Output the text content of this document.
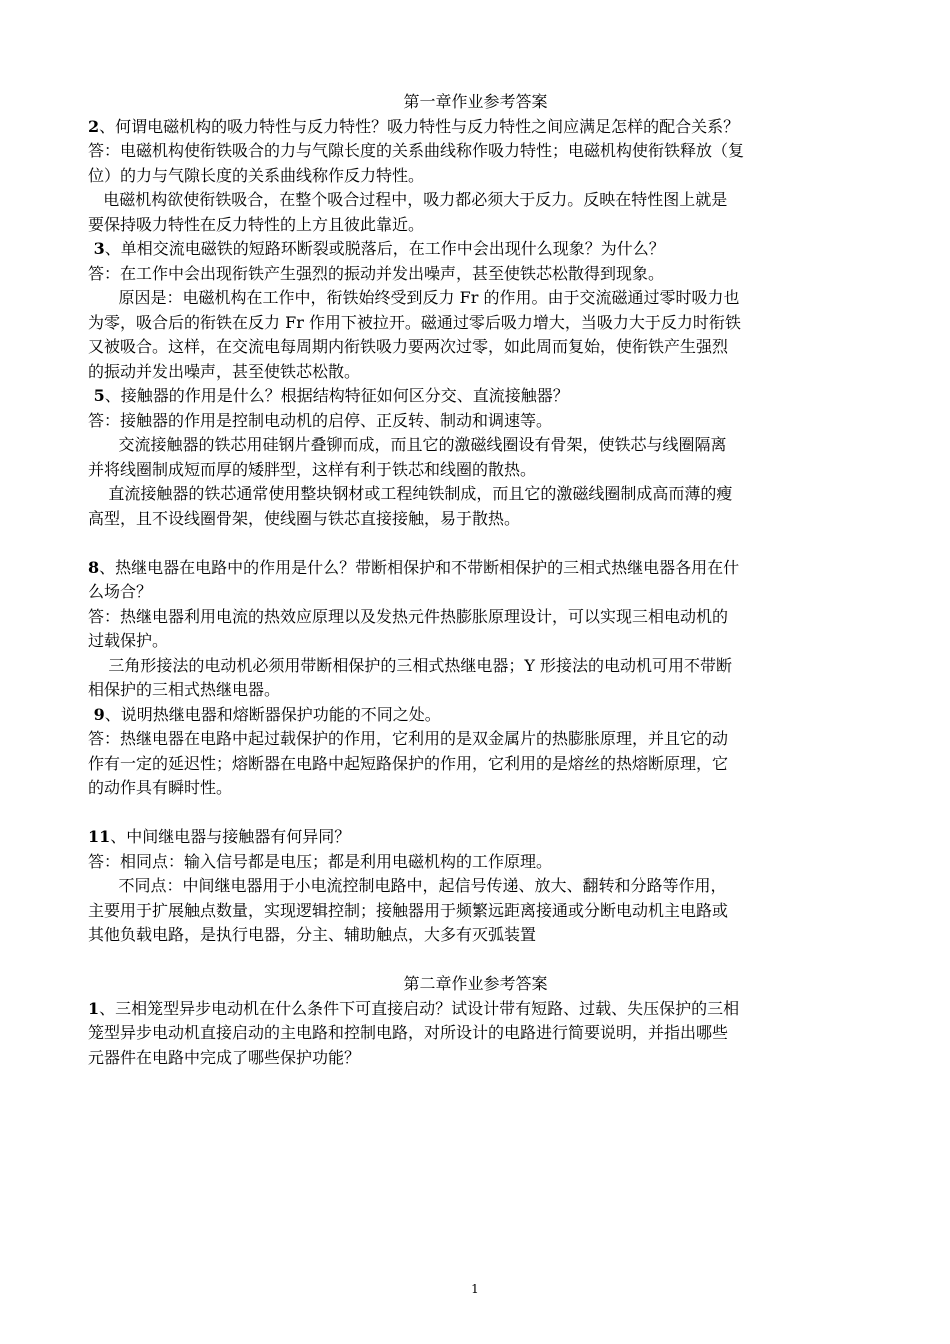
第一章作业参考答案

2、何谓电磁机构的吸力特性与反力特性？吸力特性与反力特性之间应满足怎样的配合关系？

答：电磁机构使衔铁吸合的力与气隙长度的关系曲线称作吸力特性；电磁机构使衔铁释放（复

位）的力与气隙长度的关系曲线称作反力特性。

电磁机构欲使衔铁吸合，在整个吸合过程中，吸力都必须大于反力。反映在特性图上就是

要保持吸力特性在反力特性的上方且彼此靠近。

3、单相交流电磁铁的短路环断裂或脱落后，在工作中会出现什么现象？为什么？

答：在工作中会出现衔铁产生强烈的振动并发出噪声，甚至使铁芯松散得到现象。

原因是：电磁机构在工作中，衔铁始终受到反力 Fr 的作用。由于交流磁通过零时吸力也

为零，吸合后的衔铁在反力 Fr 作用下被拉开。磁通过零后吸力增大，当吸力大于反力时衔铁

又被吸合。这样，在交流电每周期内衔铁吸力要两次过零，如此周而复始，使衔铁产生强烈

的振动并发出噪声，甚至使铁芯松散。

5、接触器的作用是什么？根据结构特征如何区分交、直流接触器？

答：接触器的作用是控制电动机的启停、正反转、制动和调速等。

交流接触器的铁芯用硅钢片叠铆而成，而且它的激磁线圈设有骨架，使铁芯与线圈隔离

并将线圈制成短而厚的矮胖型，这样有利于铁芯和线圈的散热。

直流接触器的铁芯通常使用整块钢材或工程纯铁制成，而且它的激磁线圈制成高而薄的瘦

高型，且不设线圈骨架，使线圈与铁芯直接接触，易于散热。

8、热继电器在电路中的作用是什么？带断相保护和不带断相保护的三相式热继电器各用在什

么场合？

答：热继电器利用电流的热效应原理以及发热元件热膨胀原理设计，可以实现三相电动机的

过载保护。

三角形接法的电动机必须用带断相保护的三相式热继电器；Y 形接法的电动机可用不带断

相保护的三相式热继电器。

9、说明热继电器和熔断器保护功能的不同之处。

答：热继电器在电路中起过载保护的作用，它利用的是双金属片的热膨胀原理，并且它的动

作有一定的延迟性；熔断器在电路中起短路保护的作用，它利用的是熔丝的热熔断原理，它

的动作具有瞬时性。

11、中间继电器与接触器有何异同？

答：相同点：输入信号都是电压；都是利用电磁机构的工作原理。

不同点：中间继电器用于小电流控制电路中，起信号传递、放大、翻转和分路等作用，

主要用于扩展触点数量，实现逻辑控制；接触器用于频繁远距离接通或分断电动机主电路或

其他负载电路，是执行电器，分主、辅助触点，大多有灭弧装置

第二章作业参考答案

1、三相笼型异步电动机在什么条件下可直接启动？试设计带有短路、过载、失压保护的三相

笼型异步电动机直接启动的主电路和控制电路，对所设计的电路进行简要说明，并指出哪些

元器件在电路中完成了哪些保护功能？

1
